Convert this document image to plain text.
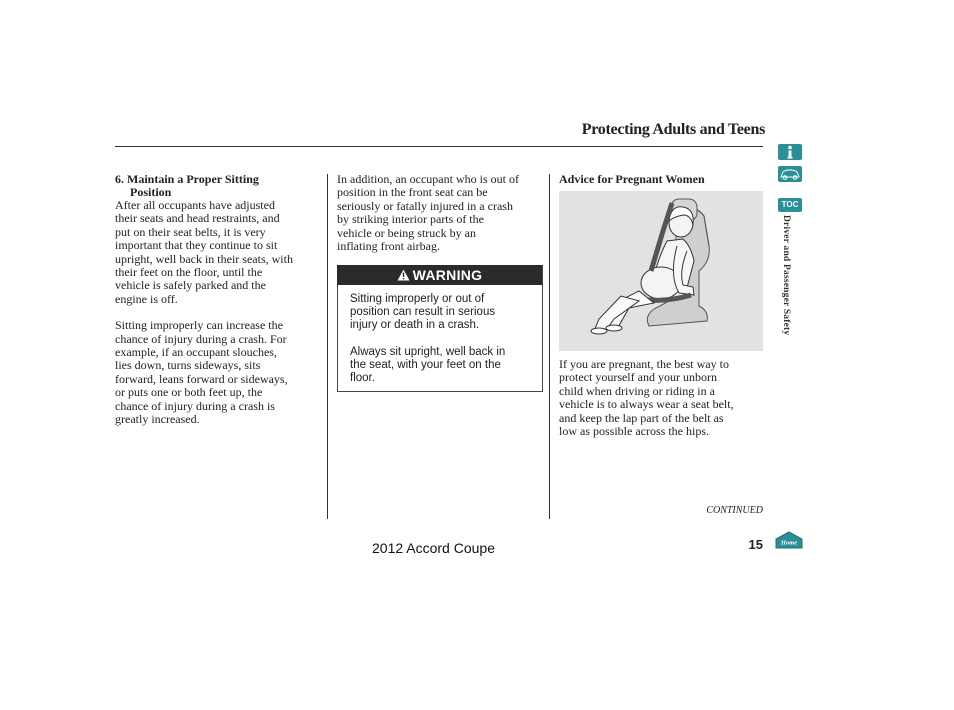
Protecting Adults and Teens
6. Maintain a Proper Sitting
Position
After all occupants have adjusted
their seats and head restraints, and
put on their seat belts, it is very
important that they continue to sit
upright, well back in their seats, with
their feet on the floor, until the
vehicle is safely parked and the
engine is off.
Sitting improperly can increase the
chance of injury during a crash. For
example, if an occupant slouches,
lies down, turns sideways, sits
forward, leans forward or sideways,
or puts one or both feet up, the
chance of injury during a crash is
greatly increased.
In addition, an occupant who is out of
position in the front seat can be
seriously or fatally injured in a crash
by striking interior parts of the
vehicle or being struck by an
inflating front airbag.
WARNING
Sitting improperly or out of
position can result in serious
injury or death in a crash.
Always sit upright, well back in
the seat, with your feet on the
floor.
Advice for Pregnant Women
If you are pregnant, the best way to
protect yourself and your unborn
child when driving or riding in a
vehicle is to always wear a seat belt,
and keep the lap part of the belt as
low as possible across the hips.
TOC
Driver and Passenger Safety
CONTINUED
2012 Accord Coupe	15	Home
